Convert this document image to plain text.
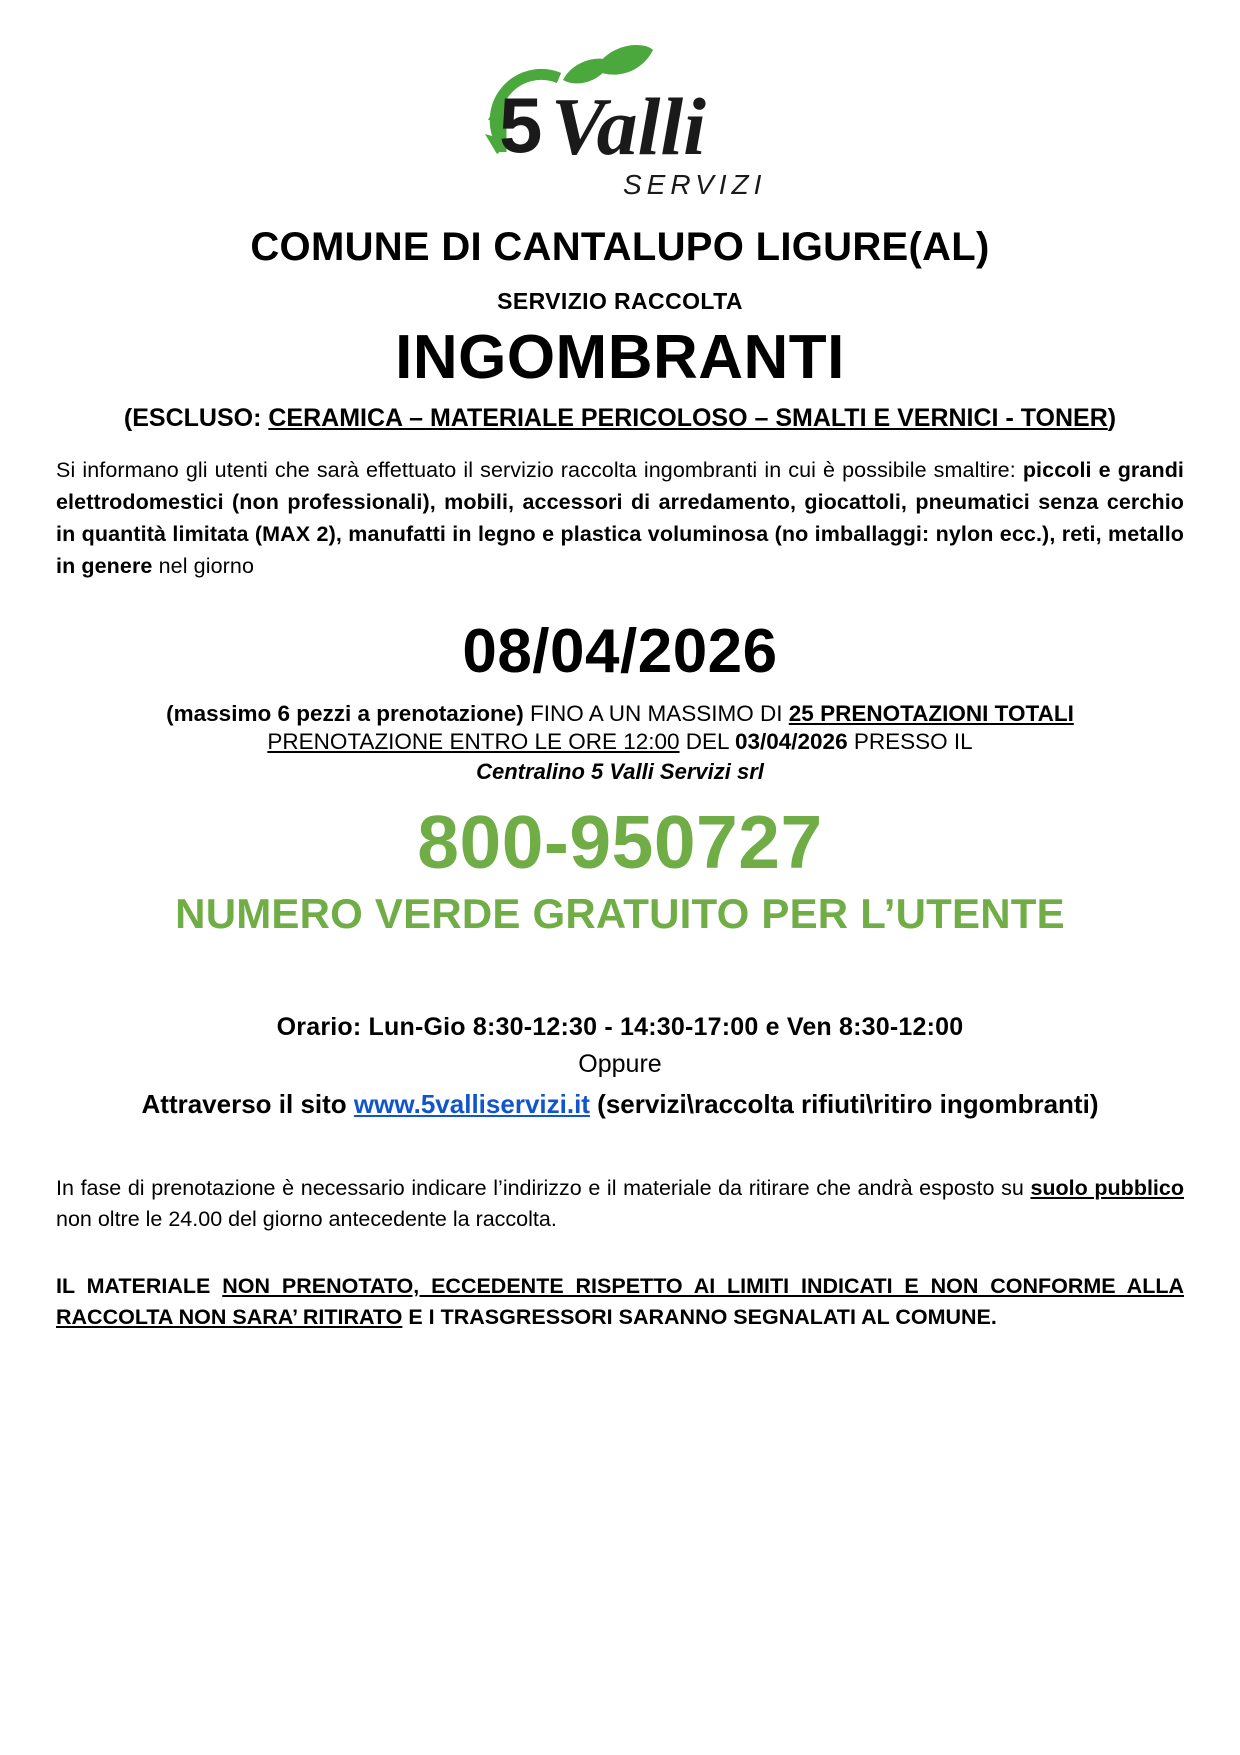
5 Valli
SERVIZI
COMUNE DI CANTALUPO LIGURE(AL)
SERVIZIO RACCOLTA
INGOMBRANTI
(ESCLUSO: CERAMICA – MATERIALE PERICOLOSO – SMALTI E VERNICI - TONER)
Si informano gli utenti che sarà effettuato il servizio raccolta ingombranti in cui è possibile smaltire: piccoli e grandi elettrodomestici (non professionali), mobili, accessori di arredamento, giocattoli, pneumatici senza cerchio in quantità limitata (MAX 2), manufatti in legno e plastica voluminosa (no imballaggi: nylon ecc.), reti, metallo in genere nel giorno
08/04/2026
(massimo 6 pezzi a prenotazione) FINO A UN MASSIMO DI 25 PRENOTAZIONI TOTALI
PRENOTAZIONE ENTRO LE ORE 12:00 DEL 03/04/2026 PRESSO IL
Centralino 5 Valli Servizi srl
800-950727
NUMERO VERDE GRATUITO PER L’UTENTE
Orario: Lun-Gio 8:30-12:30 - 14:30-17:00 e Ven 8:30-12:00
Oppure
Attraverso il sito www.5valliservizi.it (servizi\raccolta rifiuti\ritiro ingombranti)
In fase di prenotazione è necessario indicare l’indirizzo e il materiale da ritirare che andrà esposto su suolo pubblico non oltre le 24.00 del giorno antecedente la raccolta.
IL MATERIALE NON PRENOTATO, ECCEDENTE RISPETTO AI LIMITI INDICATI E NON CONFORME ALLA RACCOLTA NON SARA’ RITIRATO E I TRASGRESSORI SARANNO SEGNALATI AL COMUNE.
